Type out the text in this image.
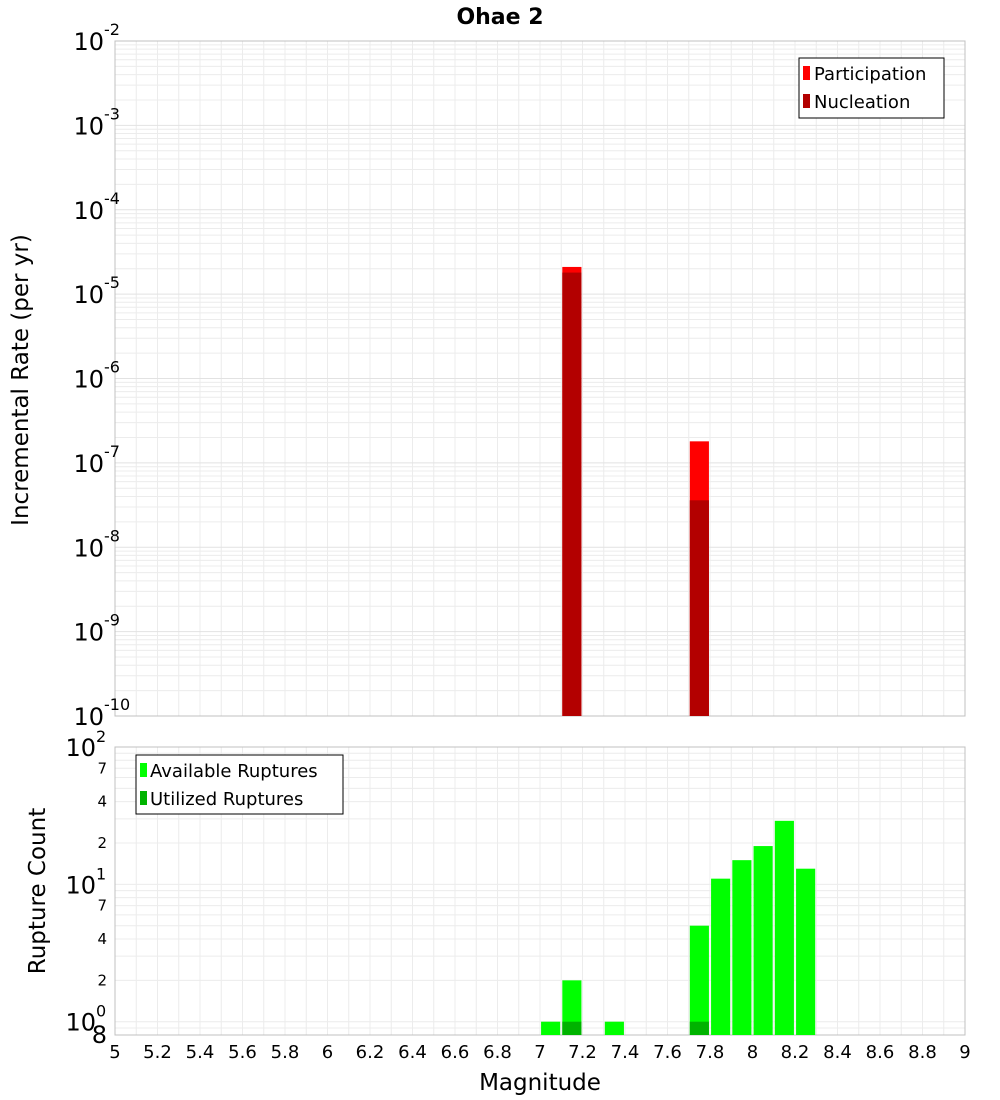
Ohae 2
10 -2
10 -3
10 -4
10 -5
10 -6
10 -7
10 -8
10 -9
10 -10
Incremental Rate (per yr)
Participation
Nucleation
10 2
10 1
10 0
7
4
2
7
4
2
8
5 5.2 5.4 5.6 5.8 6 6.2 6.4 6.6 6.8 7 7.2 7.4 7.6 7.8 8 8.2 8.4 8.6 8.8 9
Rupture Count
Magnitude
Available Ruptures
Utilized Ruptures
